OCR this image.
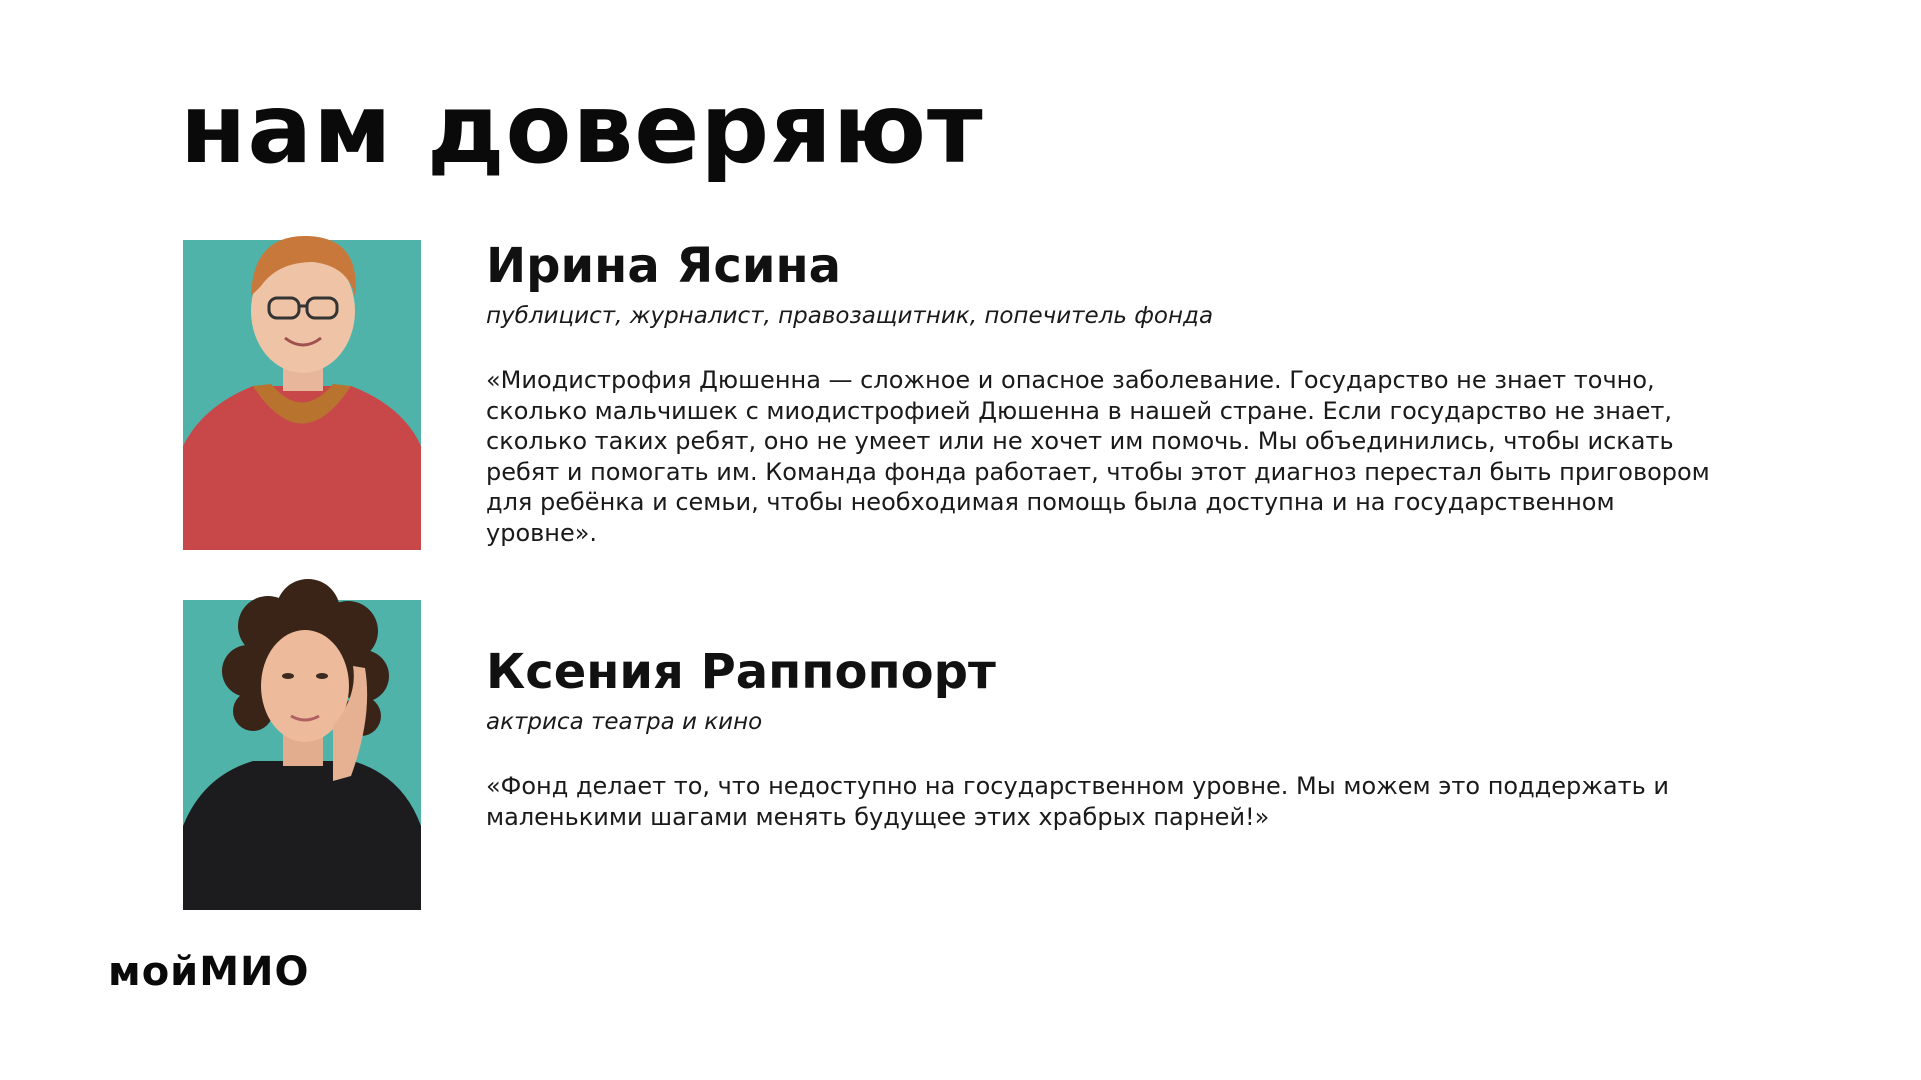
нам доверяют
Ирина Ясина

публицист, журналист, правозащитник, попечитель фонда

«Миодистрофия Дюшенна — сложное и опасное заболевание. Государство не знает точно, сколько мальчишек с миодистрофией Дюшенна в нашей стране. Если государство не знает, сколько таких ребят, оно не умеет или не хочет им помочь. Мы объединились, чтобы искать ребят и помогать им. Команда фонда работает, чтобы этот диагноз перестал быть приговором для ребёнка и семьи, чтобы необходимая помощь была доступна и на государственном уровне».

Ксения Раппопорт

актриса театра и кино

«Фонд делает то, что недоступно на государственном уровне. Мы можем это поддержать и маленькими шагами менять будущее этих храбрых парней!»

мойМИО
